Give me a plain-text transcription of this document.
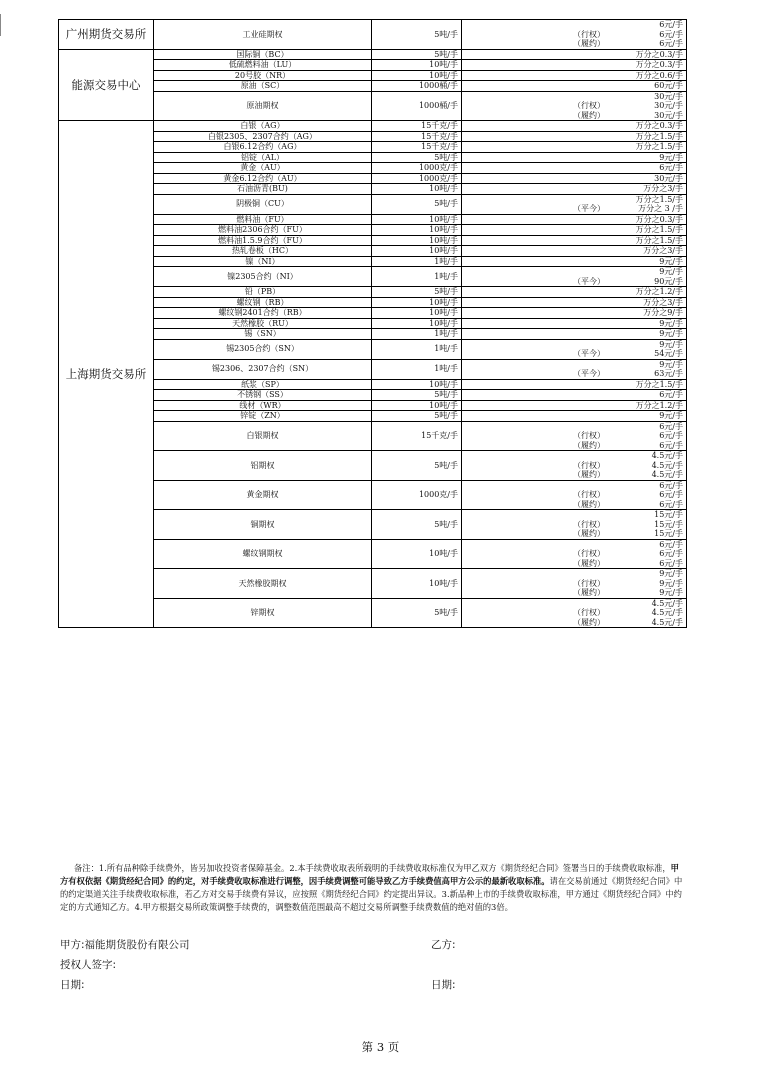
广州期货交易所	工业硅期权	5吨/手	6元/手
（行权） 6元/手
（履约） 6元/手

能源交易中心	国际铜（BC）	5吨/手	万分之0.3/手

	低硫燃料油（LU）	10吨/手	万分之0.3/手

	20号胶（NR）	10吨/手	万分之0.6/手

	原油（SC）	1000桶/手	60元/手

	原油期权	1000桶/手	30元/手
（行权） 30元/手
（履约） 30元/手

上海期货交易所	白银（AG）	15千克/手	万分之0.3/手

	白银2305、2307合约（AG）	15千克/手	万分之1.5/手

	白银6.12合约（AG）	15千克/手	万分之1.5/手

	铝锭（AL）	5吨/手	9元/手

	黄金（AU）	1000克/手	6元/手

	黄金6.12合约（AU）	1000克/手	30元/手

	石油沥青(BU)	10吨/手	万分之3/手

	阴极铜（CU）	5吨/手	万分之1.5/手
（平今） 万分之 3 /手

	燃料油（FU）	10吨/手	万分之0.3/手

	燃料油2306合约（FU）	10吨/手	万分之1.5/手

	燃料油1.5.9合约（FU）	10吨/手	万分之1.5/手

	热轧卷板（HC）	10吨/手	万分之3/手

	镍（NI）	1吨/手	9元/手

	镍2305合约（NI）	1吨/手	9元/手
（平今） 90元/手

	铅（PB）	5吨/手	万分之1.2/手

	螺纹钢（RB）	10吨/手	万分之3/手

	螺纹钢2401合约（RB）	10吨/手	万分之9/手

	天然橡胶（RU）	10吨/手	9元/手

	锡（SN）	1吨/手	9元/手

	锡2305合约（SN）	1吨/手	9元/手
（平今） 54元/手

	锡2306、2307合约（SN）	1吨/手	9元/手
（平今） 63元/手

	纸浆（SP）	10吨/手	万分之1.5/手

	不锈钢（SS）	5吨/手	6元/手

	线材（WR）	10吨/手	万分之1.2/手

	锌锭（ZN）	5吨/手	9元/手

	白银期权	15千克/手	6元/手
（行权） 6元/手
（履约） 6元/手

	铝期权	5吨/手	4.5元/手
（行权） 4.5元/手
（履约） 4.5元/手

	黄金期权	1000克/手	6元/手
（行权） 6元/手
（履约） 6元/手

	铜期权	5吨/手	15元/手
（行权） 15元/手
（履约） 15元/手

	螺纹钢期权	10吨/手	6元/手
（行权） 6元/手
（履约） 6元/手

	天然橡胶期权	10吨/手	9元/手
（行权） 9元/手
（履约） 9元/手

	锌期权	5吨/手	4.5元/手
（行权） 4.5元/手
（履约） 4.5元/手
备注：1.所有品种除手续费外，皆另加收投资者保障基金。2.本手续费收取表所载明的手续费收取标准仅为甲乙双方《期货经纪合同》签署当日的手续费收取标准，甲方有权依据《期货经纪合同》的约定，对手续费收取标准进行调整，因手续费调整可能导致乙方手续费值高甲方公示的最新收取标准。请在交易前通过《期货经纪合同》中的约定渠道关注手续费收取标准，若乙方对交易手续费有异议，应按照《期货经纪合同》约定提出异议。3.新品种上市的手续费收取标准，甲方通过《期货经纪合同》中约定的方式通知乙方。4.甲方根据交易所政策调整手续费的，调整数值范围最高不超过交易所调整手续费数值的绝对值的3倍。
甲方:福能期货股份有限公司	乙方:
授权人签字:
日期:	日期:
第 3 页
